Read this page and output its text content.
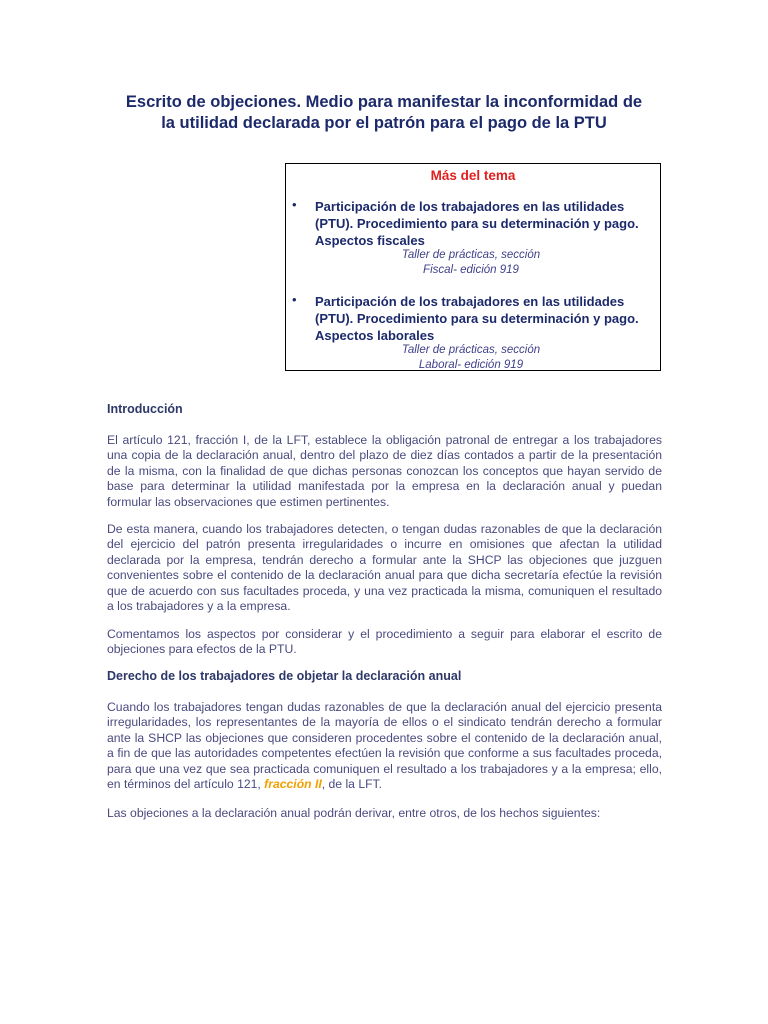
Escrito de objeciones. Medio para manifestar la inconformidad de
la utilidad declarada por el patrón para el pago de la PTU
Más del tema
• Participación de los trabajadores en las utilidades (PTU). Procedimiento para su determinación y pago. Aspectos fiscales
Taller de prácticas, sección
Fiscal- edición 919
• Participación de los trabajadores en las utilidades (PTU). Procedimiento para su determinación y pago. Aspectos laborales
Taller de prácticas, sección
Laboral- edición 919
Introducción

El artículo 121, fracción I, de la LFT, establece la obligación patronal de entregar a los trabajadores una copia de la declaración anual, dentro del plazo de diez días contados a partir de la presentación de la misma, con la finalidad de que dichas personas conozcan los conceptos que hayan servido de base para determinar la utilidad manifestada por la empresa en la declaración anual y puedan formular las observaciones que estimen pertinentes.

De esta manera, cuando los trabajadores detecten, o tengan dudas razonables de que la declaración del ejercicio del patrón presenta irregularidades o incurre en omisiones que afectan la utilidad declarada por la empresa, tendrán derecho a formular ante la SHCP las objeciones que juzguen convenientes sobre el contenido de la declaración anual para que dicha secretaría efectúe la revisión que de acuerdo con sus facultades proceda, y una vez practicada la misma, comuniquen el resultado a los trabajadores y a la empresa.

Comentamos los aspectos por considerar y el procedimiento a seguir para elaborar el escrito de objeciones para efectos de la PTU.

Derecho de los trabajadores de objetar la declaración anual

Cuando los trabajadores tengan dudas razonables de que la declaración anual del ejercicio presenta irregularidades, los representantes de la mayoría de ellos o el sindicato tendrán derecho a formular ante la SHCP las objeciones que consideren procedentes sobre el contenido de la declaración anual, a fin de que las autoridades competentes efectúen la revisión que conforme a sus facultades proceda, para que una vez que sea practicada comuniquen el resultado a los trabajadores y a la empresa; ello, en términos del artículo 121, fracción II, de la LFT.

Las objeciones a la declaración anual podrán derivar, entre otros, de los hechos siguientes:
